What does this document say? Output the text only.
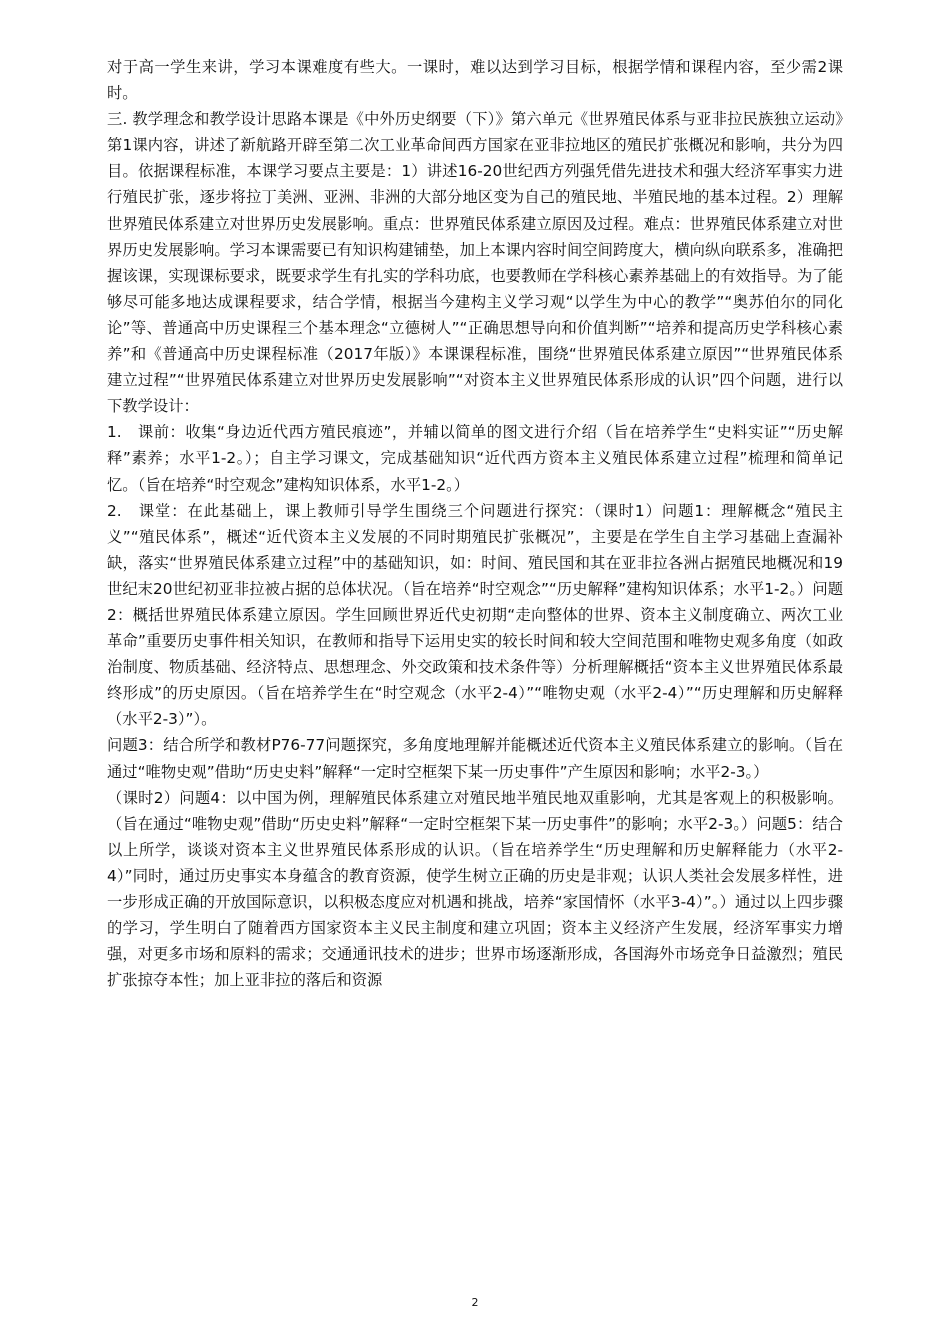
对于高一学生来讲，学习本课难度有些大。一课时，难以达到学习目标，根据学情和课程内容，至少需2课时。

三. 教学理念和教学设计思路本课是《中外历史纲要（下）》第六单元《世界殖民体系与亚非拉民族独立运动》第1课内容，讲述了新航路开辟至第二次工业革命间西方国家在亚非拉地区的殖民扩张概况和影响，共分为四目。依据课程标准，本课学习要点主要是：1）讲述16-20世纪西方列强凭借先进技术和强大经济军事实力进行殖民扩张，逐步将拉丁美洲、亚洲、非洲的大部分地区变为自己的殖民地、半殖民地的基本过程。2）理解世界殖民体系建立对世界历史发展影响。重点：世界殖民体系建立原因及过程。难点：世界殖民体系建立对世界历史发展影响。学习本课需要已有知识构建铺垫，加上本课内容时间空间跨度大，横向纵向联系多，准确把握该课，实现课标要求，既要求学生有扎实的学科功底，也要教师在学科核心素养基础上的有效指导。为了能够尽可能多地达成课程要求，结合学情，根据当今建构主义学习观“以学生为中心的教学”“奥苏伯尔的同化论”等、普通高中历史课程三个基本理念“立德树人”“正确思想导向和价值判断”“培养和提高历史学科核心素养”和《普通高中历史课程标准（2017年版）》本课课程标准，围绕“世界殖民体系建立原因”“世界殖民体系建立过程”“世界殖民体系建立对世界历史发展影响”“对资本主义世界殖民体系形成的认识”四个问题，进行以下教学设计：

1.　课前：收集“身边近代西方殖民痕迹”，并辅以简单的图文进行介绍（旨在培养学生“史料实证”“历史解释”素养；水平1-2。）；自主学习课文，完成基础知识“近代西方资本主义殖民体系建立过程”梳理和简单记忆。（旨在培养“时空观念”建构知识体系，水平1-2。）

2.　课堂：在此基础上，课上教师引导学生围绕三个问题进行探究：（课时1）问题1：理解概念“殖民主义”“殖民体系”，概述“近代资本主义发展的不同时期殖民扩张概况”，主要是在学生自主学习基础上查漏补缺，落实“世界殖民体系建立过程”中的基础知识，如：时间、殖民国和其在亚非拉各洲占据殖民地概况和19世纪末20世纪初亚非拉被占据的总体状况。（旨在培养“时空观念”“历史解释”建构知识体系；水平1-2。）问题2：概括世界殖民体系建立原因。学生回顾世界近代史初期“走向整体的世界、资本主义制度确立、两次工业革命”重要历史事件相关知识，在教师和指导下运用史实的较长时间和较大空间范围和唯物史观多角度（如政治制度、物质基础、经济特点、思想理念、外交政策和技术条件等）分析理解概括“资本主义世界殖民体系最终形成”的历史原因。（旨在培养学生在“时空观念（水平2-4）”“唯物史观（水平2-4）”“历史理解和历史解释（水平2-3）”）。

问题3：结合所学和教材P76-77问题探究，多角度地理解并能概述近代资本主义殖民体系建立的影响。（旨在通过“唯物史观”借助“历史史料”解释“一定时空框架下某一历史事件”产生原因和影响；水平2-3。）

（课时2）问题4：以中国为例，理解殖民体系建立对殖民地半殖民地双重影响，尤其是客观上的积极影响。（旨在通过“唯物史观”借助“历史史料”解释“一定时空框架下某一历史事件”的影响；水平2-3。）问题5：结合以上所学，谈谈对资本主义世界殖民体系形成的认识。（旨在培养学生“历史理解和历史解释能力（水平2-4）”同时，通过历史事实本身蕴含的教育资源，使学生树立正确的历史是非观；认识人类社会发展多样性，进一步形成正确的开放国际意识，以积极态度应对机遇和挑战，培养“家国情怀（水平3-4）”。）通过以上四步骤的学习，学生明白了随着西方国家资本主义民主制度和建立巩固；资本主义经济产生发展，经济军事实力增强，对更多市场和原料的需求；交通通讯技术的进步；世界市场逐渐形成，各国海外市场竞争日益激烈；殖民扩张掠夺本性；加上亚非拉的落后和资源

2
